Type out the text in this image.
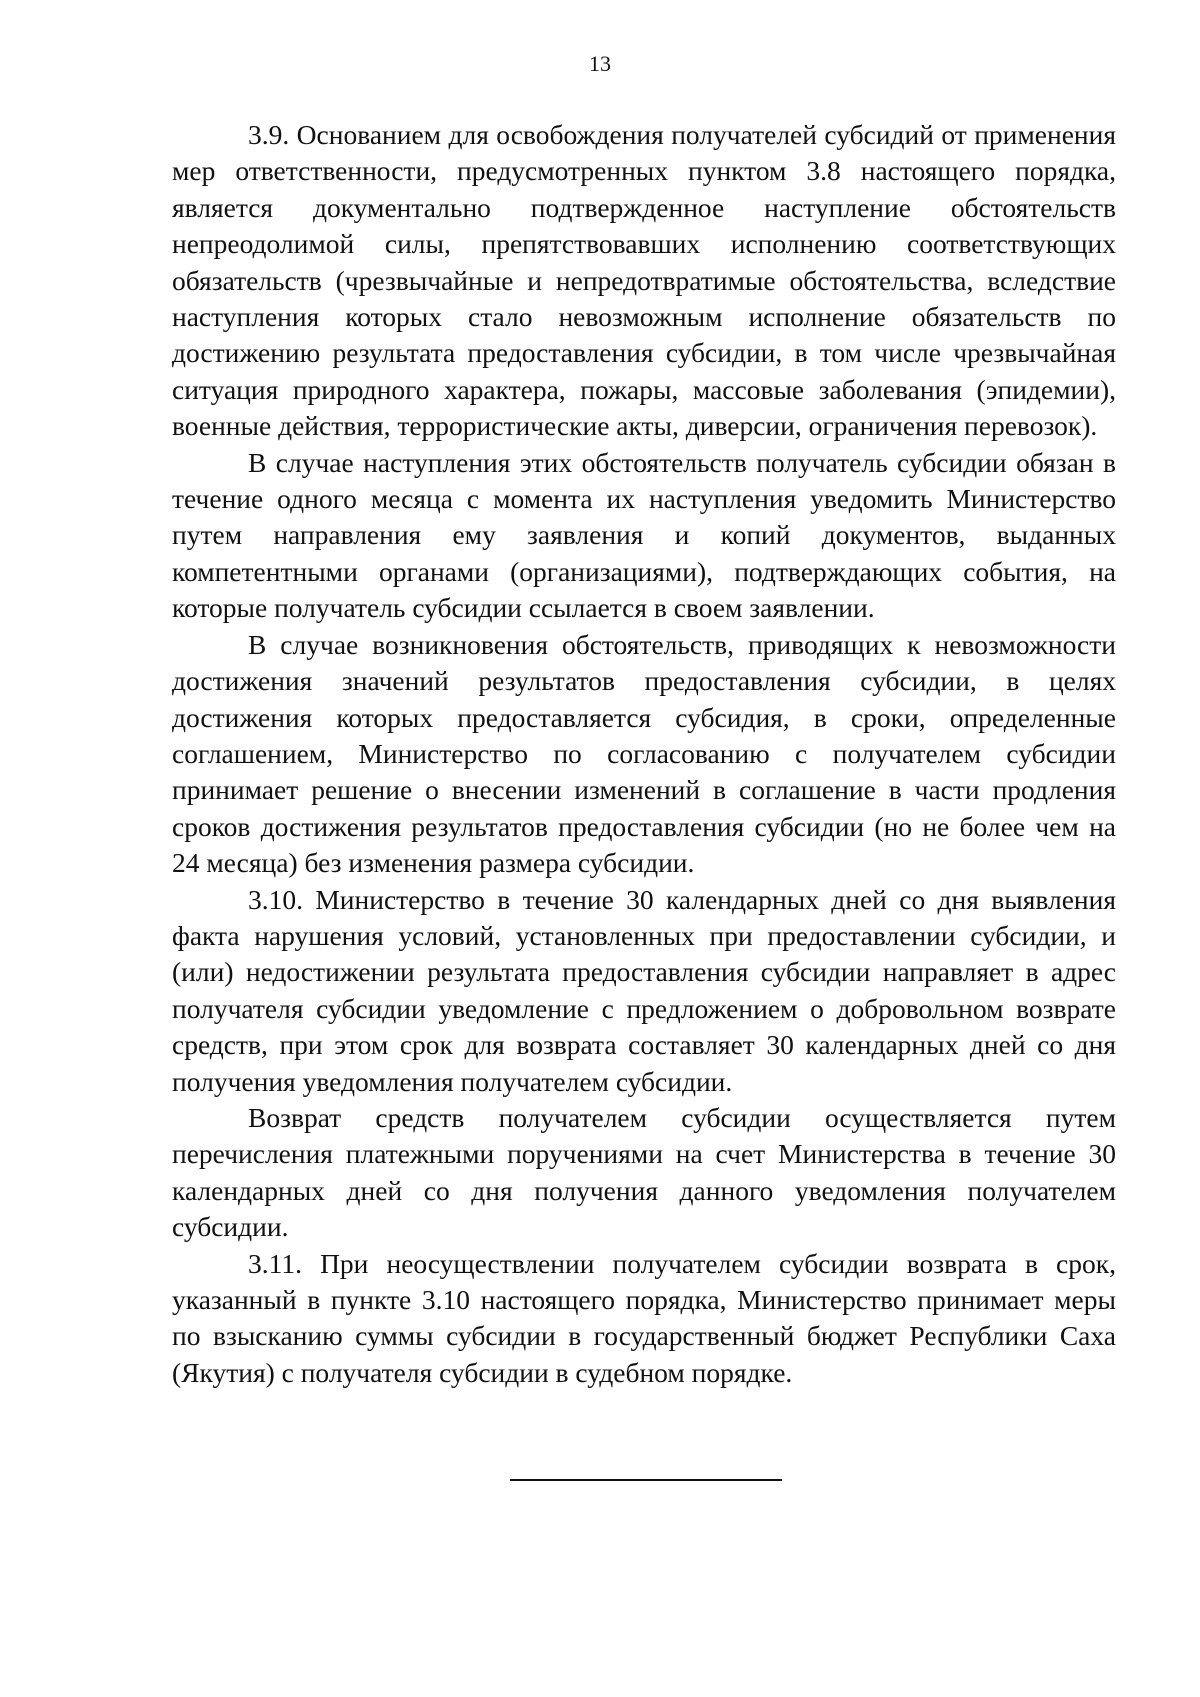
13

3.9. Основанием для освобождения получателей субсидий от применения мер ответственности, предусмотренных пунктом 3.8 настоящего порядка, является документально подтвержденное наступление обстоятельств непреодолимой силы, препятствовавших исполнению соответствующих обязательств (чрезвычайные и непредотвратимые обстоятельства, вследствие наступления которых стало невозможным исполнение обязательств по достижению результата предоставления субсидии, в том числе чрезвычайная ситуация природного характера, пожары, массовые заболевания (эпидемии), военные действия, террористические акты, диверсии, ограничения перевозок).

В случае наступления этих обстоятельств получатель субсидии обязан в течение одного месяца с момента их наступления уведомить Министерство путем направления ему заявления и копий документов, выданных компетентными органами (организациями), подтверждающих события, на которые получатель субсидии ссылается в своем заявлении.

В случае возникновения обстоятельств, приводящих к невозможности достижения значений результатов предоставления субсидии, в целях достижения которых предоставляется субсидия, в сроки, определенные соглашением, Министерство по согласованию с получателем субсидии принимает решение о внесении изменений в соглашение в части продления сроков достижения результатов предоставления субсидии (но не более чем на 24 месяца) без изменения размера субсидии.

3.10. Министерство в течение 30 календарных дней со дня выявления факта нарушения условий, установленных при предоставлении субсидии, и (или) недостижении результата предоставления субсидии направляет в адрес получателя субсидии уведомление с предложением о добровольном возврате средств, при этом срок для возврата составляет 30 календарных дней со дня получения уведомления получателем субсидии.

Возврат средств получателем субсидии осуществляется путем перечисления платежными поручениями на счет Министерства в течение 30 календарных дней со дня получения данного уведомления получателем субсидии.

3.11. При неосуществлении получателем субсидии возврата в срок, указанный в пункте 3.10 настоящего порядка, Министерство принимает меры по взысканию суммы субсидии в государственный бюджет Республики Саха (Якутия) с получателя субсидии в судебном порядке.
